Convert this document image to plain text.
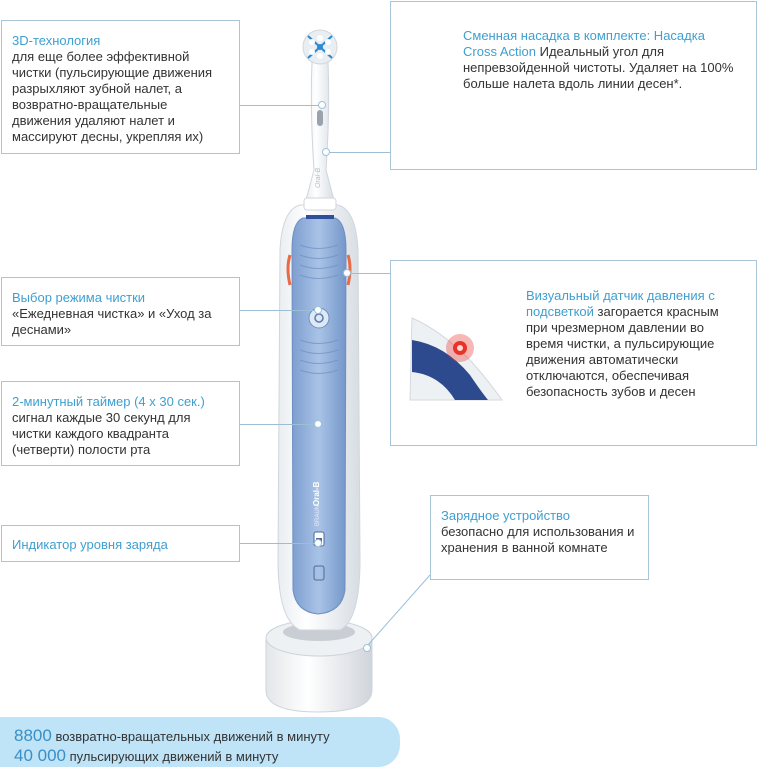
Oral-B
BRAUN
Oral-B
3D-технология
для еще более эффективной чистки (пульсирующие движения разрыхляют зубной налет, а возвратно-вращательные движения удаляют налет и массируют десны, укрепляя их)
Выбор режима чистки
«Ежедневная чистка» и «Уход за деснами»
2-минутный таймер (4 х 30 сек.)
сигнал каждые 30 секунд для чистки каждого квадранта (четверти) полости рта
Индикатор уровня заряда
Сменная насадка в комплекте: Насадка Cross Action Идеальный угол для непревзойденной чистоты. Удаляет на 100% больше налета вдоль линии десен*.
Визуальный датчик давления с подсветкой загорается красным при чрезмерном давлении во время чистки, а пульсирующие движения автоматически отключаются, обеспечивая безопасность зубов и десен
Зарядное устройство
безопасно для использования и хранения в ванной комнате
8800 возвратно-вращательных движений в минуту
40 000 пульсирующих движений в минуту
